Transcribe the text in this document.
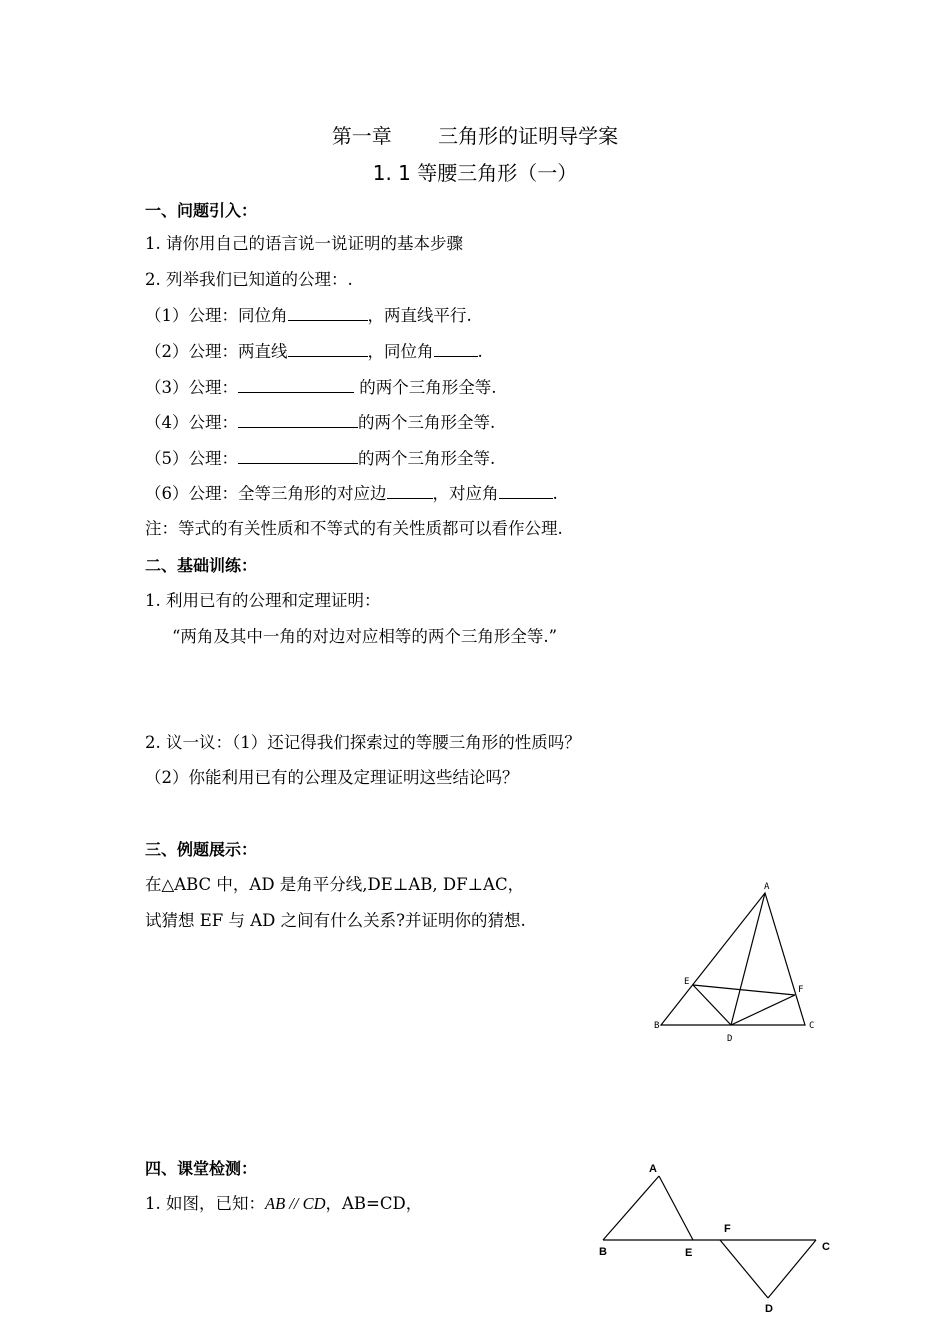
第一章 　　三角形的证明导学案
1. 1 等腰三角形（一）
一、问题引入：
1. 请你用自己的语言说一说证明的基本步骤
2. 列举我们已知道的公理：.
（1）公理：同位角	，两直线平行.
（2）公理：两直线	，同位角	.
（3）公理：	的两个三角形全等.
（4）公理：	的两个三角形全等.
（5）公理：	的两个三角形全等.
（6）公理：全等三角形的对应边	，对应角	.
注：等式的有关性质和不等式的有关性质都可以看作公理.
二、基础训练：
1. 利用已有的公理和定理证明：
“两角及其中一角的对边对应相等的两个三角形全等.”
2. 议一议：（1）还记得我们探索过的等腰三角形的性质吗？
（2）你能利用已有的公理及定理证明这些结论吗？
三、例题展示：
在△ABC 中，AD 是角平分线,DE⊥AB, DF⊥AC，
试猜想 EF 与 AD 之间有什么关系?并证明你的猜想.
A
B	C
D
E
F
四、课堂检测：
1. 如图，已知：AB // CD，AB=CD，
A
B	C
D
E
F
